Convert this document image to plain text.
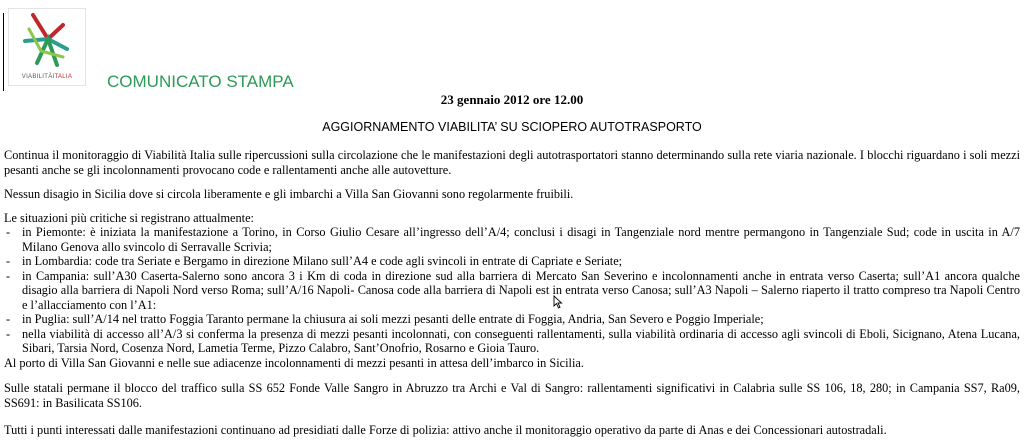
VIABILITÀITALIA	COMUNICATO STAMPA
23 gennaio 2012 ore 12.00
AGGIORNAMENTO VIABILITA’ SU SCIOPERO AUTOTRASPORTO

Continua il monitoraggio di Viabilità Italia sulle ripercussioni sulla circolazione che le manifestazioni degli autotrasportatori stanno determinando sulla rete viaria nazionale. I blocchi riguardano i soli mezzi pesanti anche se gli incolonnamenti provocano code e rallentamenti anche alle autovetture.

Nessun disagio in Sicilia dove si circola liberamente e gli imbarchi a Villa San Giovanni sono regolarmente fruibili.

Le situazioni più critiche si registrano attualmente:

- in Piemonte: è iniziata la manifestazione a Torino, in Corso Giulio Cesare all’ingresso dell’A/4; conclusi i disagi in Tangenziale nord mentre permangono in Tangenziale Sud; code in uscita in A/7 Milano Genova allo svincolo di Serravalle Scrivia;
- in Lombardia: code tra Seriate e Bergamo in direzione Milano sull’A4 e code agli svincoli in entrate di Capriate e Seriate;
- in Campania: sull’A30 Caserta-Salerno sono ancora 3 i Km di coda in direzione sud alla barriera di Mercato San Severino e incolonnamenti anche in entrata verso Caserta; sull’A1 ancora qualche disagio alla barriera di Napoli Nord verso Roma; sull’A/16 Napoli- Canosa code alla barriera di Napoli est in entrata verso Canosa; sull’A3 Napoli – Salerno riaperto il tratto compreso tra Napoli Centro e l’allacciamento con l’A1:
- in Puglia: sull’A/14 nel tratto Foggia Taranto permane la chiusura ai soli mezzi pesanti delle entrate di Foggia, Andria, San Severo e Poggio Imperiale;
- nella viabilità di accesso all’A/3 si conferma la presenza di mezzi pesanti incolonnati, con conseguenti rallentamenti, sulla viabilità ordinaria di accesso agli svincoli di Eboli, Sicignano, Atena Lucana, Sibari, Tarsia Nord, Cosenza Nord, Lametia Terme, Pizzo Calabro, Sant’Onofrio, Rosarno e Gioia Tauro.

Al porto di Villa San Giovanni e nelle sue adiacenze incolonnamenti di mezzi pesanti in attesa dell’imbarco in Sicilia.

Sulle statali permane il blocco del traffico sulla SS 652 Fonde Valle Sangro in Abruzzo tra Archi e Val di Sangro: rallentamenti significativi in Calabria sulle SS 106, 18, 280; in Campania SS7, Ra09, SS691: in Basilicata SS106.

Tutti i punti interessati dalle manifestazioni continuano ad presidiati dalle Forze di polizia: attivo anche il monitoraggio operativo da parte di Anas e dei Concessionari autostradali.
